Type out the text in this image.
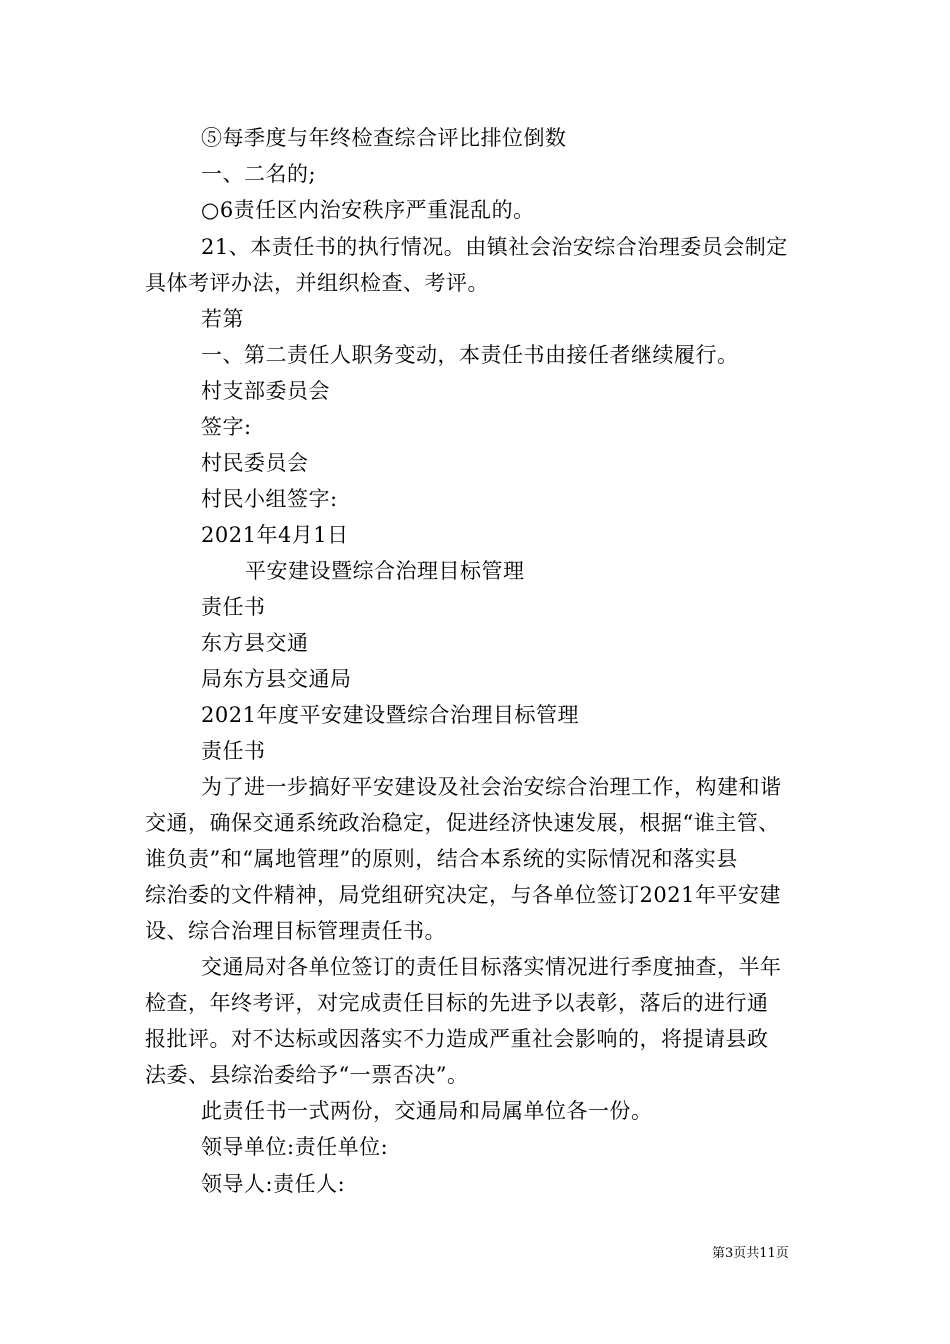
⑤每季度与年终检查综合评比排位倒数
一、二名的;
○6责任区内治安秩序严重混乱的。
21、本责任书的执行情况。由镇社会治安综合治理委员会制定
具体考评办法，并组织检查、考评。
若第
一、第二责任人职务变动，本责任书由接任者继续履行。
村支部委员会
签字:
村民委员会
村民小组签字:
2021年4月1日
平安建设暨综合治理目标管理
责任书
东方县交通
局东方县交通局
2021年度平安建设暨综合治理目标管理
责任书
为了进一步搞好平安建设及社会治安综合治理工作，构建和谐
交通，确保交通系统政治稳定，促进经济快速发展，根据“谁主管、
谁负责”和“属地管理”的原则，结合本系统的实际情况和落实县
综治委的文件精神，局党组研究决定，与各单位签订2021年平安建
设、综合治理目标管理责任书。
交通局对各单位签订的责任目标落实情况进行季度抽查，半年
检查，年终考评，对完成责任目标的先进予以表彰，落后的进行通
报批评。对不达标或因落实不力造成严重社会影响的，将提请县政
法委、县综治委给予“一票否决”。
此责任书一式两份，交通局和局属单位各一份。
领导单位:责任单位:
领导人:责任人:
第3页共11页
